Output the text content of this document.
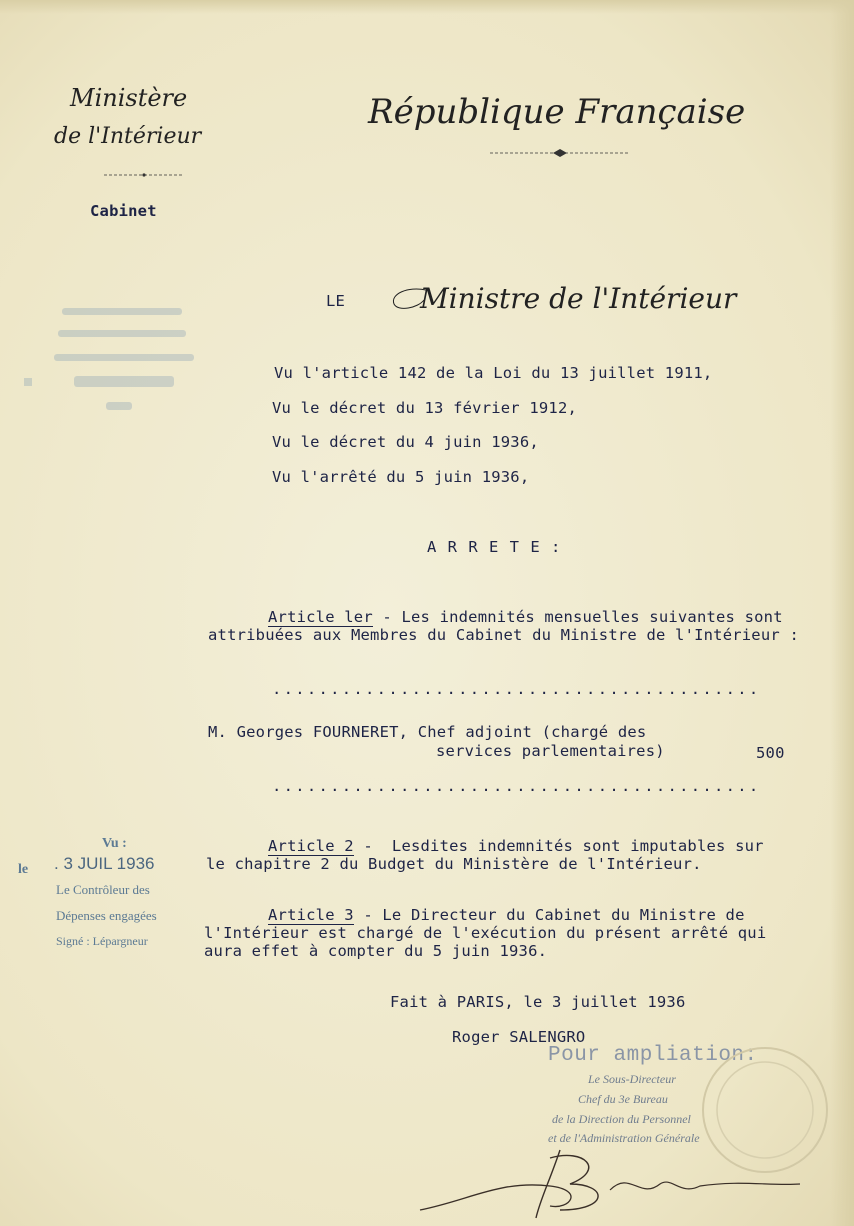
Ministère
de l'Intérieur
Cabinet
République Française
LE	Ministre de l'Intérieur
Vu l'article 142 de la Loi du 13 juillet 1911,
Vu le décret du 13 février 1912,
Vu le décret du 4 juin 1936,
Vu l'arrêté du 5 juin 1936,
A R R E T E :
Article ler - Les indemnités mensuelles suivantes sont
attribuées aux Membres du Cabinet du Ministre de l'Intérieur :
..........................................
M. Georges FOURNERET, Chef adjoint (chargé des
services parlementaires)	500
..........................................
Article 2 -  Lesdites indemnités sont imputables sur
le chapitre 2 du Budget du Ministère de l'Intérieur.
Article 3 - Le Directeur du Cabinet du Ministre de
l'Intérieur est chargé de l'exécution du présent arrêté qui
aura effet à compter du 5 juin 1936.
Fait à PARIS, le 3 juillet 1936
Roger SALENGRO
Vu :
le . 3 JUIL 1936
Le Contrôleur des
Dépenses engagées
Signé : Lépargneur
Pour ampliation:
Le Sous-Directeur
Chef du 3e Bureau
de la Direction du Personnel
et de l'Administration Générale
